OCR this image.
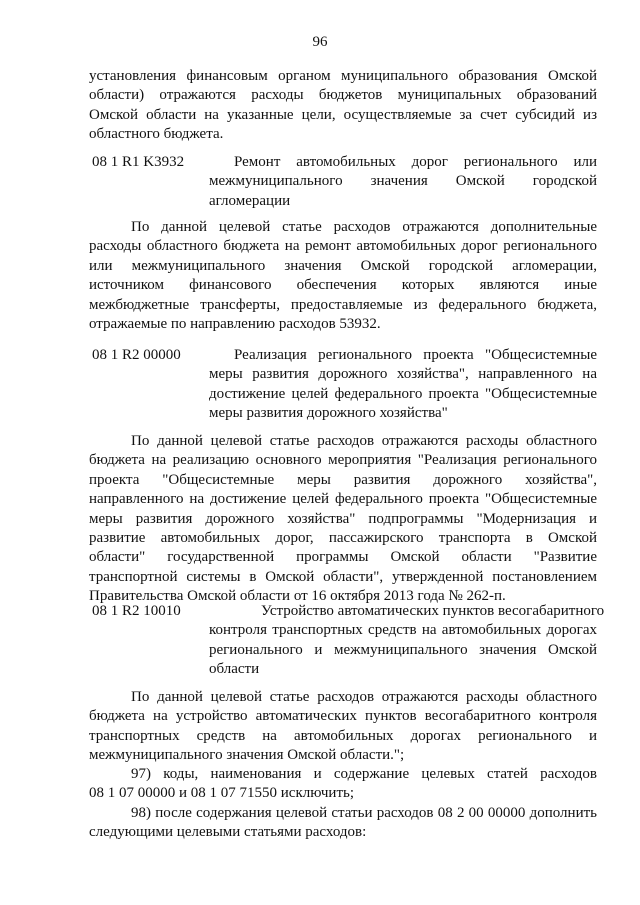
96
установления финансовым органом муниципального образования Омской
области) отражаются расходы бюджетов муниципальных образований
Омской области на указанные цели, осуществляемые за счет субсидий из
областного бюджета.
08 1 R1 K3932	Ремонт автомобильных дорог регионального или
межмуниципального значения Омской городской
агломерации
По данной целевой статье расходов отражаются дополнительные
расходы областного бюджета на ремонт автомобильных дорог регионального
или межмуниципального значения Омской городской агломерации,
источником финансового обеспечения которых являются иные
межбюджетные трансферты, предоставляемые из федерального бюджета,
отражаемые по направлению расходов 53932.
08 1 R2 00000	Реализация регионального проекта "Общесистемные
меры развития дорожного хозяйства", направленного на
достижение целей федерального проекта "Общесистемные
меры развития дорожного хозяйства"
По данной целевой статье расходов отражаются расходы областного
бюджета на реализацию основного мероприятия "Реализация регионального
проекта "Общесистемные меры развития дорожного хозяйства",
направленного на достижение целей федерального проекта "Общесистемные
меры развития дорожного хозяйства" подпрограммы "Модернизация и
развитие автомобильных дорог, пассажирского транспорта в Омской
области" государственной программы Омской области "Развитие
транспортной системы в Омской области", утвержденной постановлением
Правительства Омской области от 16 октября 2013 года № 262-п.
08 1 R2 10010	Устройство автоматических пунктов весогабаритного
контроля транспортных средств на автомобильных дорогах
регионального и межмуниципального значения Омской
области
По данной целевой статье расходов отражаются расходы областного
бюджета на устройство автоматических пунктов весогабаритного контроля
транспортных средств на автомобильных дорогах регионального и
межмуниципального значения Омской области.";
97) коды, наименования и содержание целевых статей расходов
08 1 07 00000 и 08 1 07 71550 исключить;
98) после содержания целевой статьи расходов 08 2 00 00000 дополнить
следующими целевыми статьями расходов:
